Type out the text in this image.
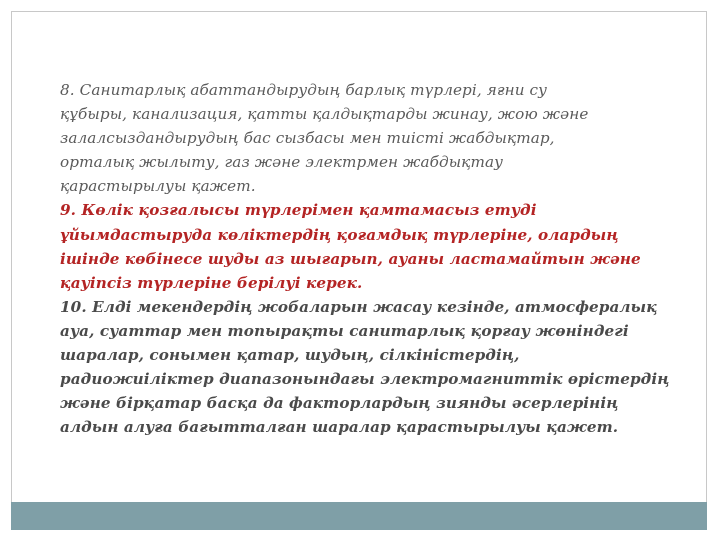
8. Санитарлық абаттандырудың барлық түрлері, яғни су
құбыры, канализация, қатты қалдықтарды жинау, жою және
залалсыздандырудың бас сызбасы мен тиісті жабдықтар,
орталық жылыту, газ және электрмен жабдықтау
қарастырылуы қажет.

9. Көлік қозғалысы түрлерімен қамтамасыз етуді
ұйымдастыруда көліктердің қоғамдық түрлеріне, олардың
ішінде көбінесе шуды аз шығарып, ауаны ластамайтын және
қауіпсіз түрлеріне берілуі керек.

10. Елді мекендердің жобаларын жасау кезінде, атмосфералық
ауа, суаттар мен топырақты санитарлық қорғау жөніндегі
шаралар, сонымен қатар, шудың, сілкіністердің,
радиожиіліктер диапазонындағы электромагниттік өрістердің
және бірқатар басқа да факторлардың зиянды әсерлерінің
алдын алуға бағытталған шаралар қарастырылуы қажет.
